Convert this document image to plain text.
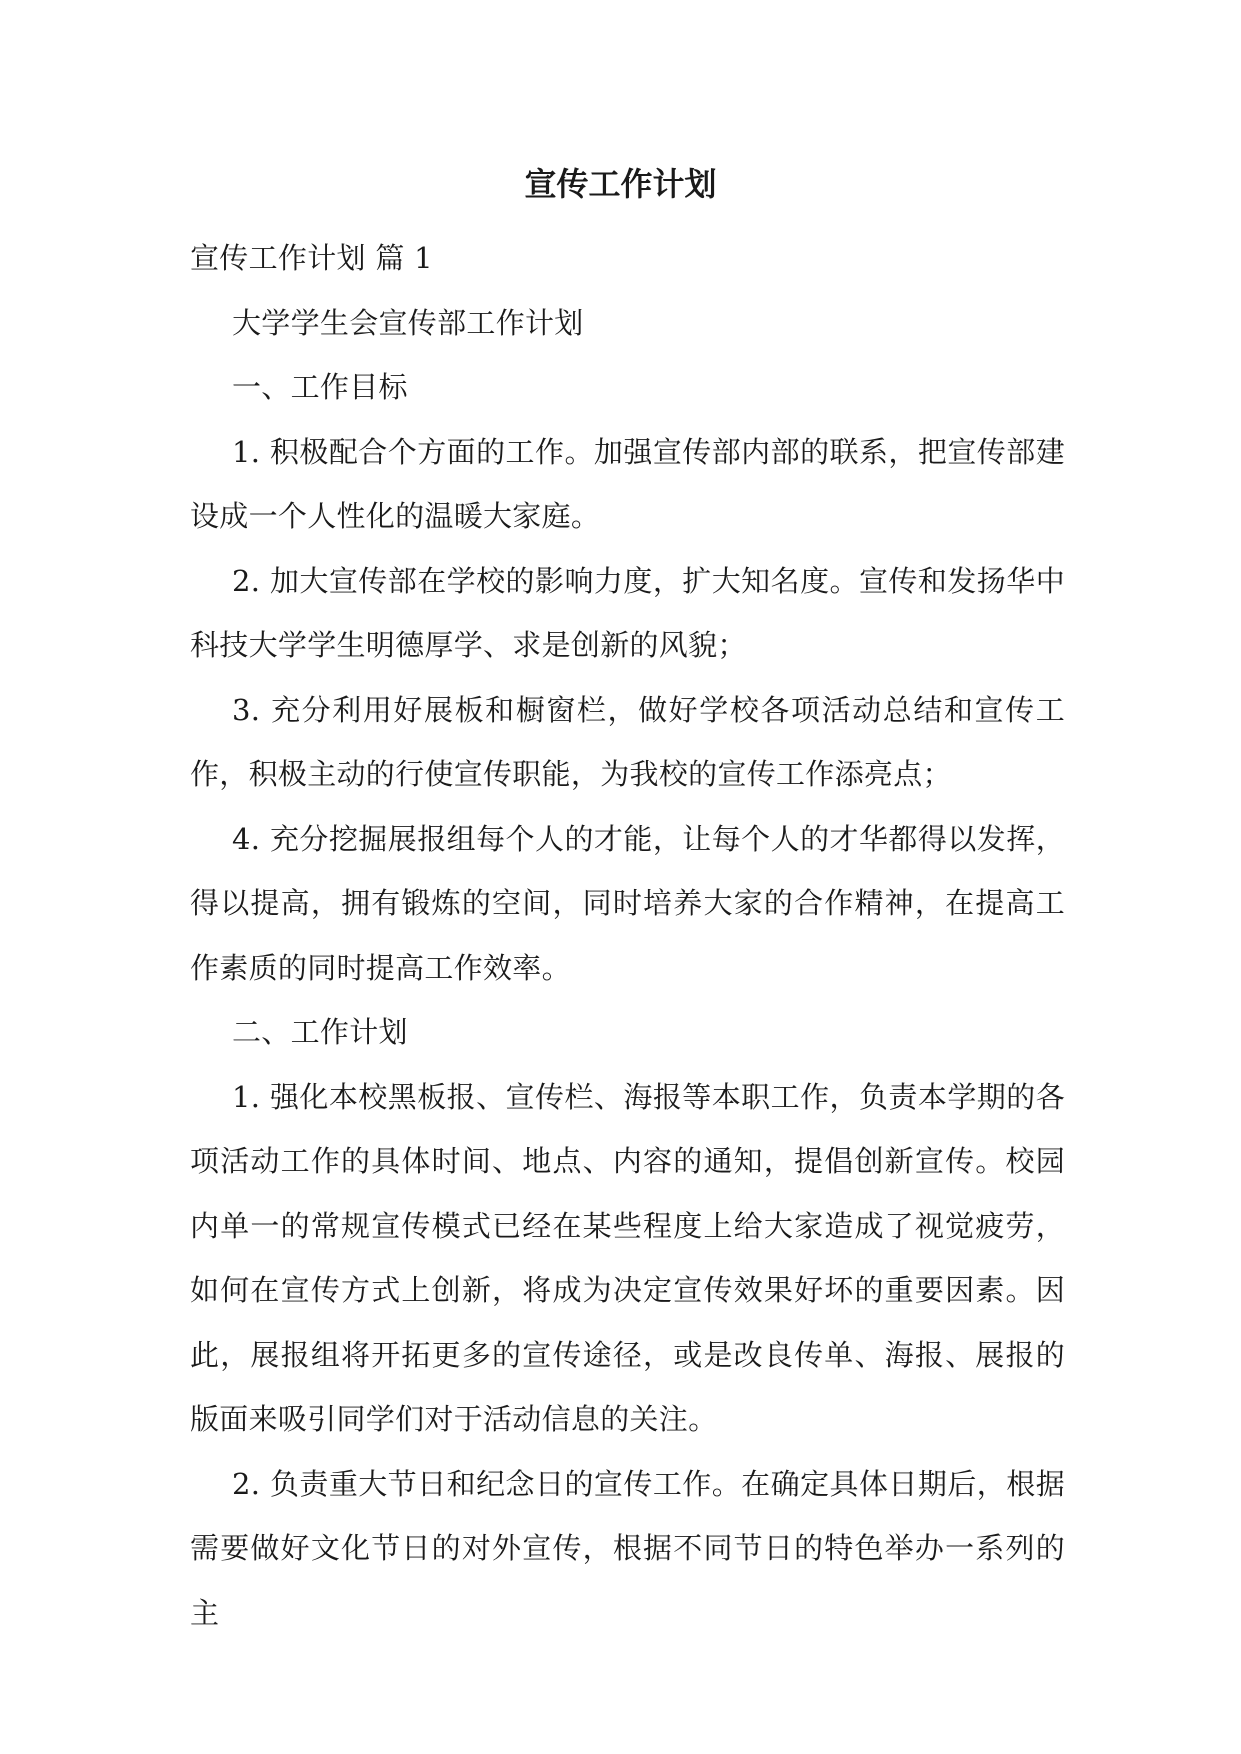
宣传工作计划

宣传工作计划 篇 1

大学学生会宣传部工作计划

一、工作目标

1. 积极配合个方面的工作。加强宣传部内部的联系，把宣传部建设成一个人性化的温暖大家庭。

2. 加大宣传部在学校的影响力度，扩大知名度。宣传和发扬华中科技大学学生明德厚学、求是创新的风貌；

3. 充分利用好展板和橱窗栏，做好学校各项活动总结和宣传工作，积极主动的行使宣传职能，为我校的宣传工作添亮点；

4. 充分挖掘展报组每个人的才能，让每个人的才华都得以发挥，得以提高，拥有锻炼的空间，同时培养大家的合作精神，在提高工作素质的同时提高工作效率。

二、工作计划

1. 强化本校黑板报、宣传栏、海报等本职工作，负责本学期的各项活动工作的具体时间、地点、内容的通知，提倡创新宣传。校园内单一的常规宣传模式已经在某些程度上给大家造成了视觉疲劳，如何在宣传方式上创新，将成为决定宣传效果好坏的重要因素。因此，展报组将开拓更多的宣传途径，或是改良传单、海报、展报的版面来吸引同学们对于活动信息的关注。

2. 负责重大节日和纪念日的宣传工作。在确定具体日期后，根据需要做好文化节日的对外宣传，根据不同节日的特色举办一系列的主
